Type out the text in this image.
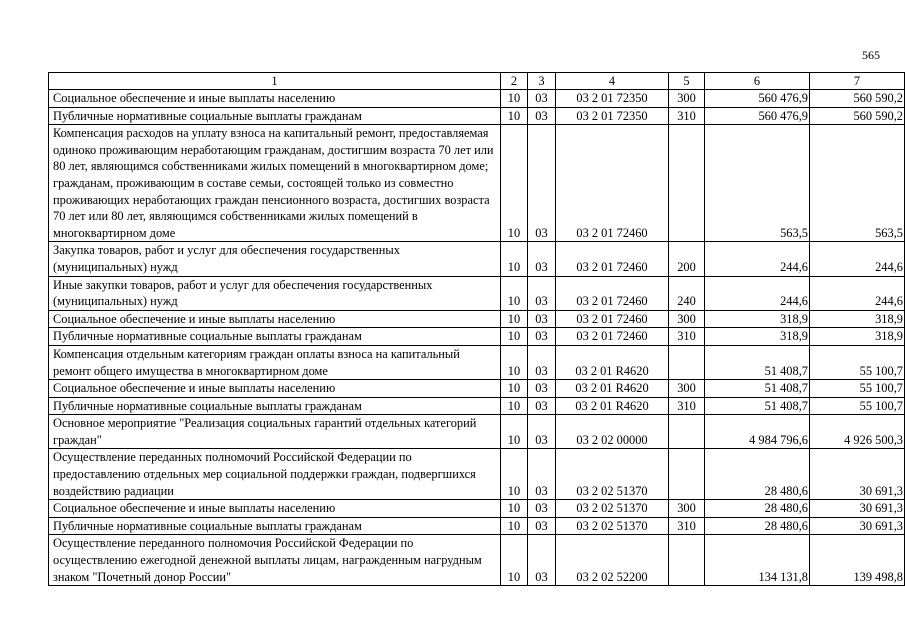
565
1	2	3	4	5	6	7
Социальное обеспечение и иные выплаты населению	10	03	03 2 01 72350	300	560 476,9	560 590,2
Публичные нормативные социальные выплаты гражданам	10	03	03 2 01 72350	310	560 476,9	560 590,2
Компенсация расходов на уплату взноса на капитальный ремонт, предоставляемая одиноко проживающим неработающим гражданам, достигшим возраста 70 лет или 80 лет, являющимся собственниками жилых помещений в многоквартирном доме; гражданам, проживающим в составе семьи, состоящей только из совместно проживающих неработающих граждан пенсионного возраста, достигших возраста 70 лет или 80 лет, являющимся собственниками жилых помещений в многоквартирном доме	10	03	03 2 01 72460		563,5	563,5
Закупка товаров, работ и услуг для обеспечения государственных (муниципальных) нужд	10	03	03 2 01 72460	200	244,6	244,6
Иные закупки товаров, работ и услуг для обеспечения государственных (муниципальных) нужд	10	03	03 2 01 72460	240	244,6	244,6
Социальное обеспечение и иные выплаты населению	10	03	03 2 01 72460	300	318,9	318,9
Публичные нормативные социальные выплаты гражданам	10	03	03 2 01 72460	310	318,9	318,9
Компенсация отдельным категориям граждан оплаты взноса на капитальный ремонт общего имущества в многоквартирном доме	10	03	03 2 01 R4620		51 408,7	55 100,7
Социальное обеспечение и иные выплаты населению	10	03	03 2 01 R4620	300	51 408,7	55 100,7
Публичные нормативные социальные выплаты гражданам	10	03	03 2 01 R4620	310	51 408,7	55 100,7
Основное мероприятие "Реализация социальных гарантий отдельных категорий граждан"	10	03	03 2 02 00000		4 984 796,6	4 926 500,3
Осуществление переданных полномочий Российской Федерации по предоставлению отдельных мер социальной поддержки граждан, подвергшихся воздействию радиации	10	03	03 2 02 51370		28 480,6	30 691,3
Социальное обеспечение и иные выплаты населению	10	03	03 2 02 51370	300	28 480,6	30 691,3
Публичные нормативные социальные выплаты гражданам	10	03	03 2 02 51370	310	28 480,6	30 691,3
Осуществление переданного полномочия Российской Федерации по осуществлению ежегодной денежной выплаты лицам, награжденным нагрудным знаком "Почетный донор России"	10	03	03 2 02 52200		134 131,8	139 498,8
